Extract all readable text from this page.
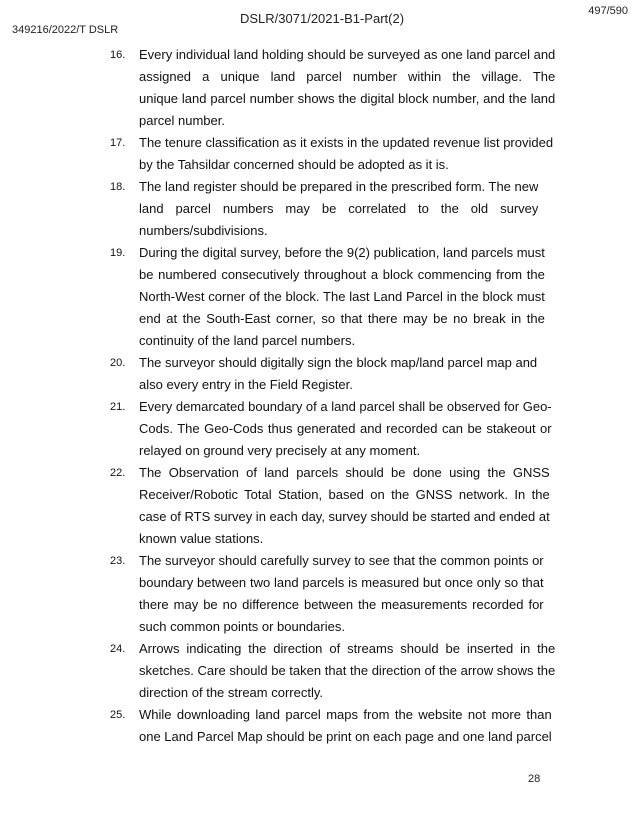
497/590
DSLR/3071/2021-B1-Part(2)
349216/2022/T DSLR
16.	Every individual land holding should be surveyed as one land parcel and
assigned a unique land parcel number within the village. The
unique land parcel number shows the digital block number, and the land
parcel number.
17.	The tenure classification as it exists in the updated revenue list provided
by the Tahsildar concerned should be adopted as it is.
18.	The land register should be prepared in the prescribed form. The new
land parcel numbers may be correlated to the old survey
numbers/subdivisions.
19.	During the digital survey, before the 9(2) publication, land parcels must
be numbered consecutively throughout a block commencing from the
North-West corner of the block. The last Land Parcel in the block must
end at the South-East corner, so that there may be no break in the
continuity of the land parcel numbers.
20.	The surveyor should digitally sign the block map/land parcel map and
also every entry in the Field Register.
21.	Every demarcated boundary of a land parcel shall be observed for Geo-
Cods. The Geo-Cods thus generated and recorded can be stakeout or
relayed on ground very precisely at any moment.
22.	The Observation of land parcels should be done using the GNSS
Receiver/Robotic Total Station, based on the GNSS network. In the
case of RTS survey in each day, survey should be started and ended at
known value stations.
23.	The surveyor should carefully survey to see that the common points or
boundary between two land parcels is measured but once only so that
there may be no difference between the measurements recorded for
such common points or boundaries.
24.	Arrows indicating the direction of streams should be inserted in the
sketches. Care should be taken that the direction of the arrow shows the
direction of the stream correctly.
25.	While downloading land parcel maps from the website not more than
one Land Parcel Map should be print on each page and one land parcel
28
